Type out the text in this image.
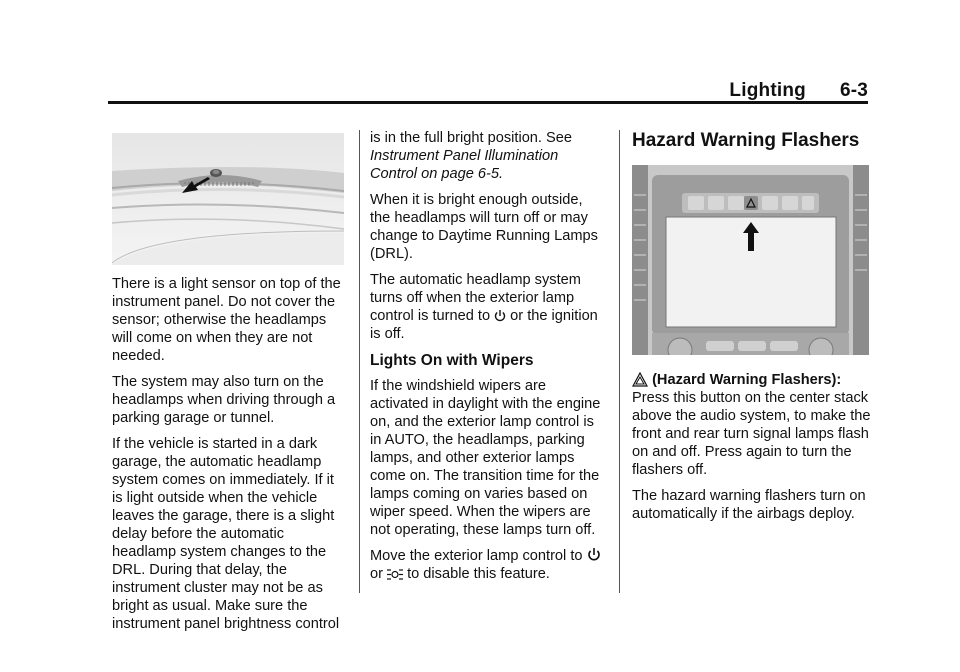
Lighting 6-3

There is a light sensor on top of the instrument panel. Do not cover the sensor; otherwise the headlamps will come on when they are not needed.

The system may also turn on the headlamps when driving through a parking garage or tunnel.

If the vehicle is started in a dark garage, the automatic headlamp system comes on immediately. If it is light outside when the vehicle leaves the garage, there is a slight delay before the automatic headlamp system changes to the DRL. During that delay, the instrument cluster may not be as bright as usual. Make sure the instrument panel brightness control

is in the full bright position. See Instrument Panel Illumination Control on page 6-5.

When it is bright enough outside, the headlamps will turn off or may change to Daytime Running Lamps (DRL).

The automatic headlamp system turns off when the exterior lamp control is turned to  or the ignition is off.

Lights On with Wipers

If the windshield wipers are activated in daylight with the engine on, and the exterior lamp control is in AUTO, the headlamps, parking lamps, and other exterior lamps come on. The transition time for the lamps coming on varies based on wiper speed. When the wipers are not operating, these lamps turn off.

Move the exterior lamp control to
or  to disable this feature.

Hazard Warning Flashers

(Hazard Warning Flashers): Press this button on the center stack above the audio system, to make the front and rear turn signal lamps flash on and off. Press again to turn the flashers off.

The hazard warning flashers turn on automatically if the airbags deploy.
